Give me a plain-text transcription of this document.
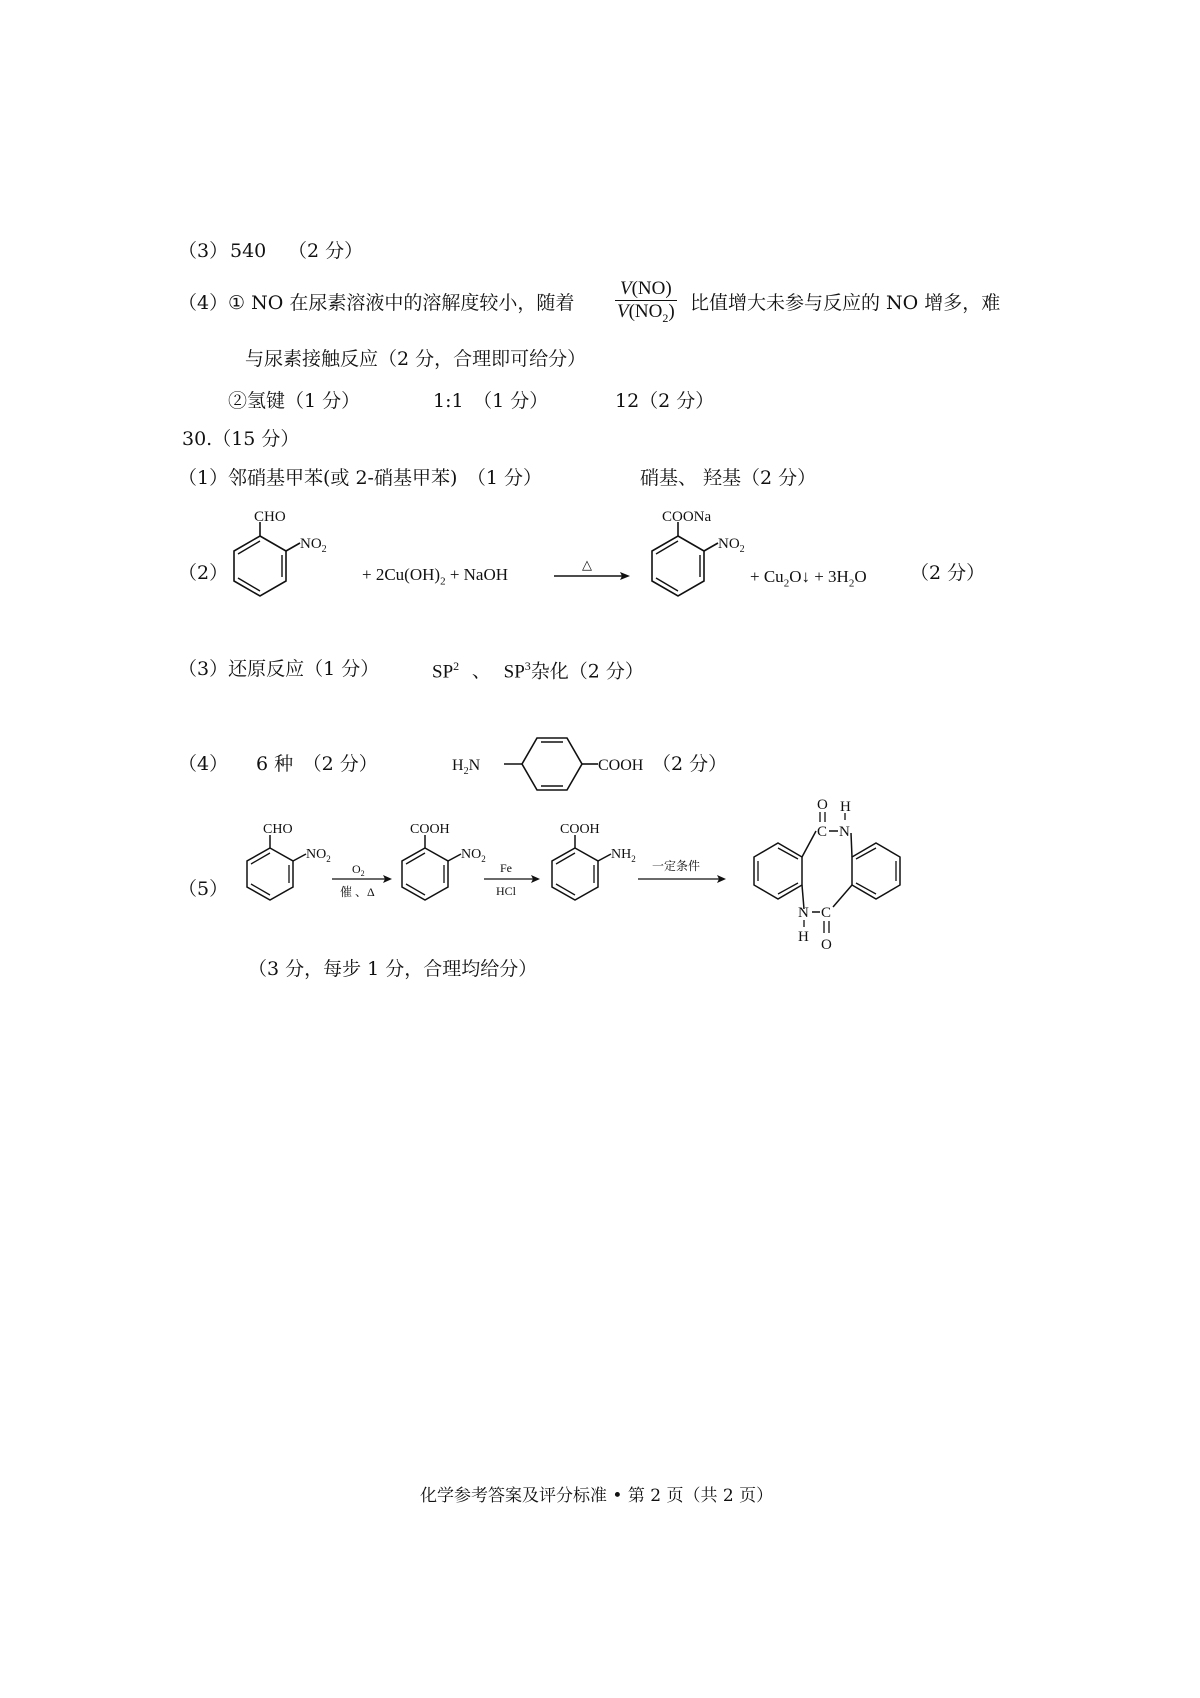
（3） 540 （2 分）
（4） ① NO 在尿素溶液中的溶解度较小，随着 $\frac{V(NO)}{V(NO_2)}$ 比值增大未参与反应的 NO 增多，难
与尿素接触反应（2 分，合理即可给分）
②氢键（1 分）	1:1　（1 分）	12（2 分）
30.（15 分）
（1） 邻硝基甲苯(或 2-硝基甲苯)　（1 分）	硝基、 羟基（2 分）
（2）
CHO
$NO_2$
+ $2Cu(OH)_2$ + NaOH
△
COONa
$NO_2$
+ $Cu_2O↓ + 3H_2O$ （2 分）
（3）还原反应（1 分）	$SP^2$ 、 $SP^3$杂化（2 分）
（4） 6 种　（2 分）	$H_2N$	COOH （2 分）
（5）
CHO
$NO_2$
$O_2$
催 、Δ
COOH
$NO_2$
Fe
HCl
COOH
$NH_2$ 一定条件
C N
O H
N C
H O
（3 分，每步 1 分，合理均给分）
化学参考答案及评分标准 • 第 2 页（共 2 页）
